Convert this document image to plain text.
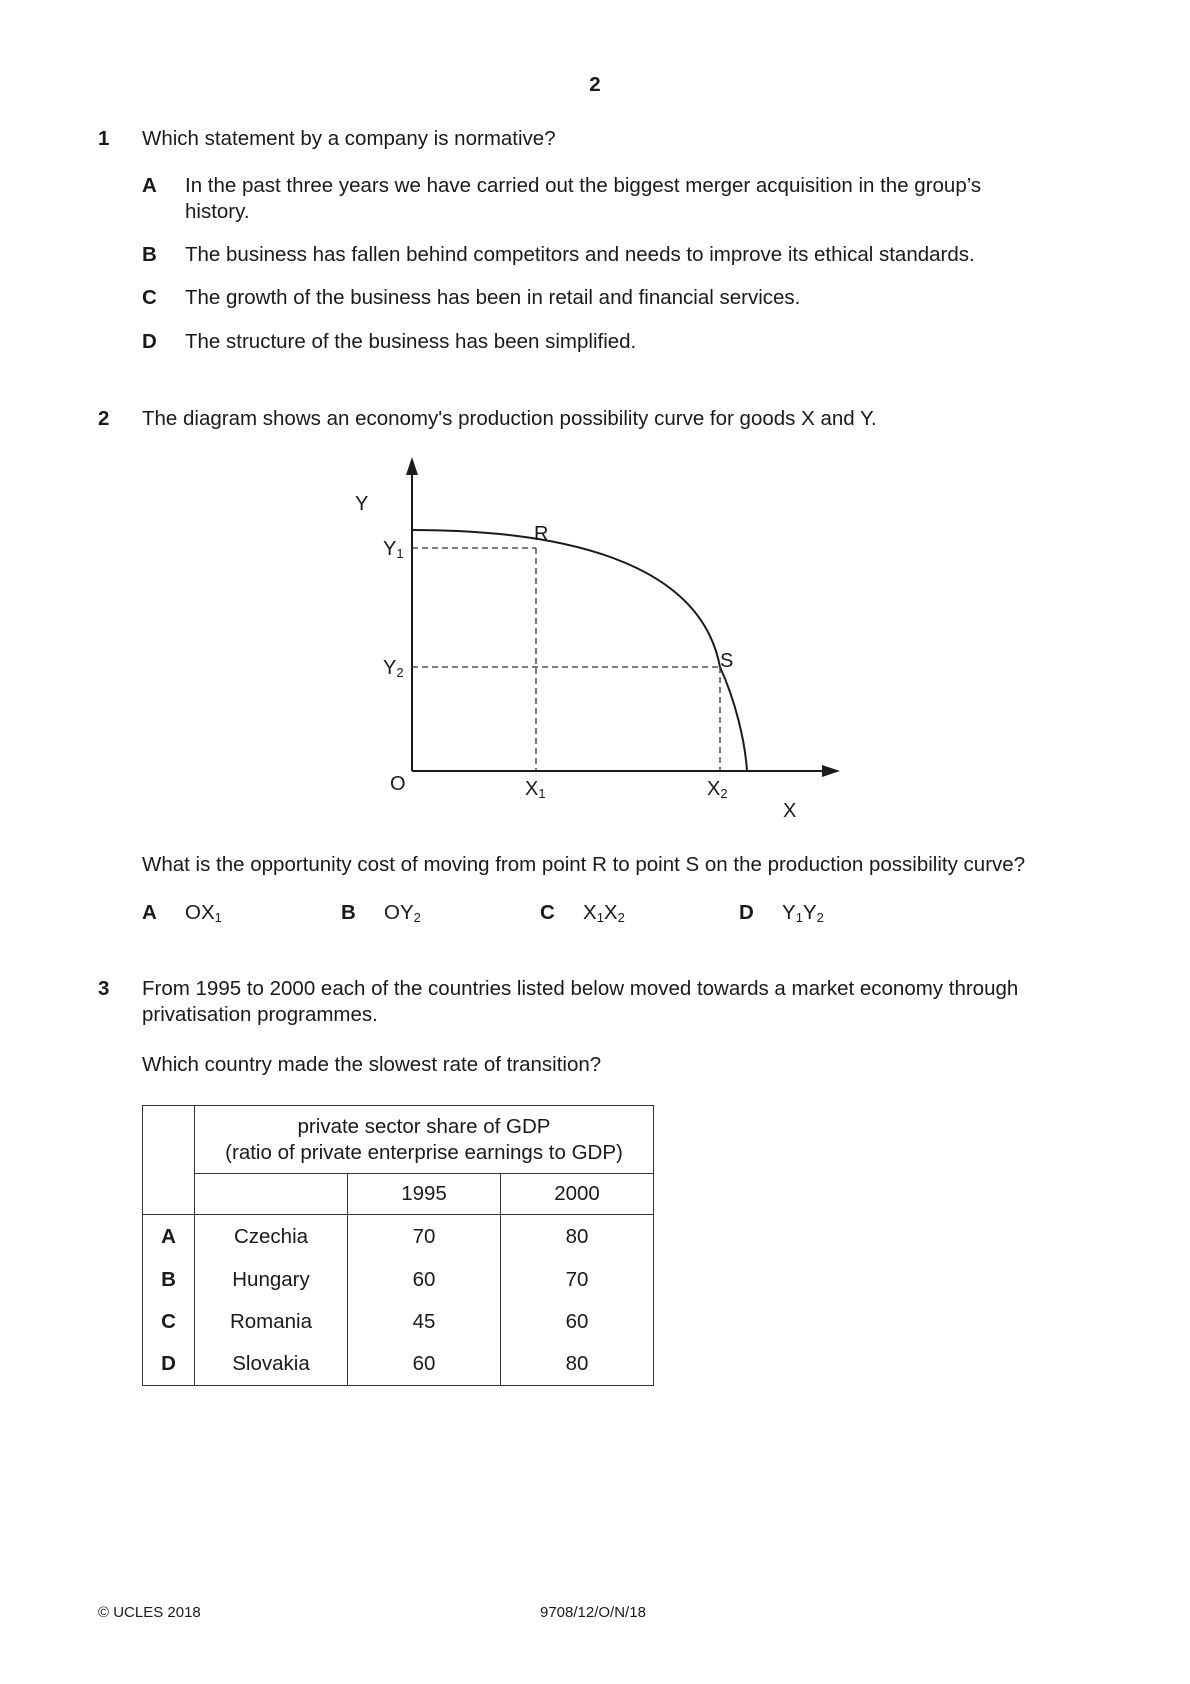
2
1 Which statement by a company is normative?
A In the past three years we have carried out the biggest merger acquisition in the group’s
history.
B The business has fallen behind competitors and needs to improve its ethical standards.
C The growth of the business has been in retail and financial services.
D The structure of the business has been simplified.
2 The diagram shows an economy's production possibility curve for goods X and Y.
Y
X
O
R
S
$Y_1$
$Y_2$
$X_1$	$X_2$
What is the opportunity cost of moving from point R to point S on the production possibility curve?
A $OX_1$	B $OY_2$	C $X_1X_2$	D $Y_1Y_2$
3 From 1995 to 2000 each of the countries listed below moved towards a market economy through
privatisation programmes.
Which country made the slowest rate of transition?

	private sector share of GDP
(ratio of private enterprise earnings to GDP)		

		1995	2000
A	Czechia	70	80
B	Hungary	60	70
C	Romania	45	60
D	Slovakia	60	80
© UCLES 2018	9708/12/O/N/18
